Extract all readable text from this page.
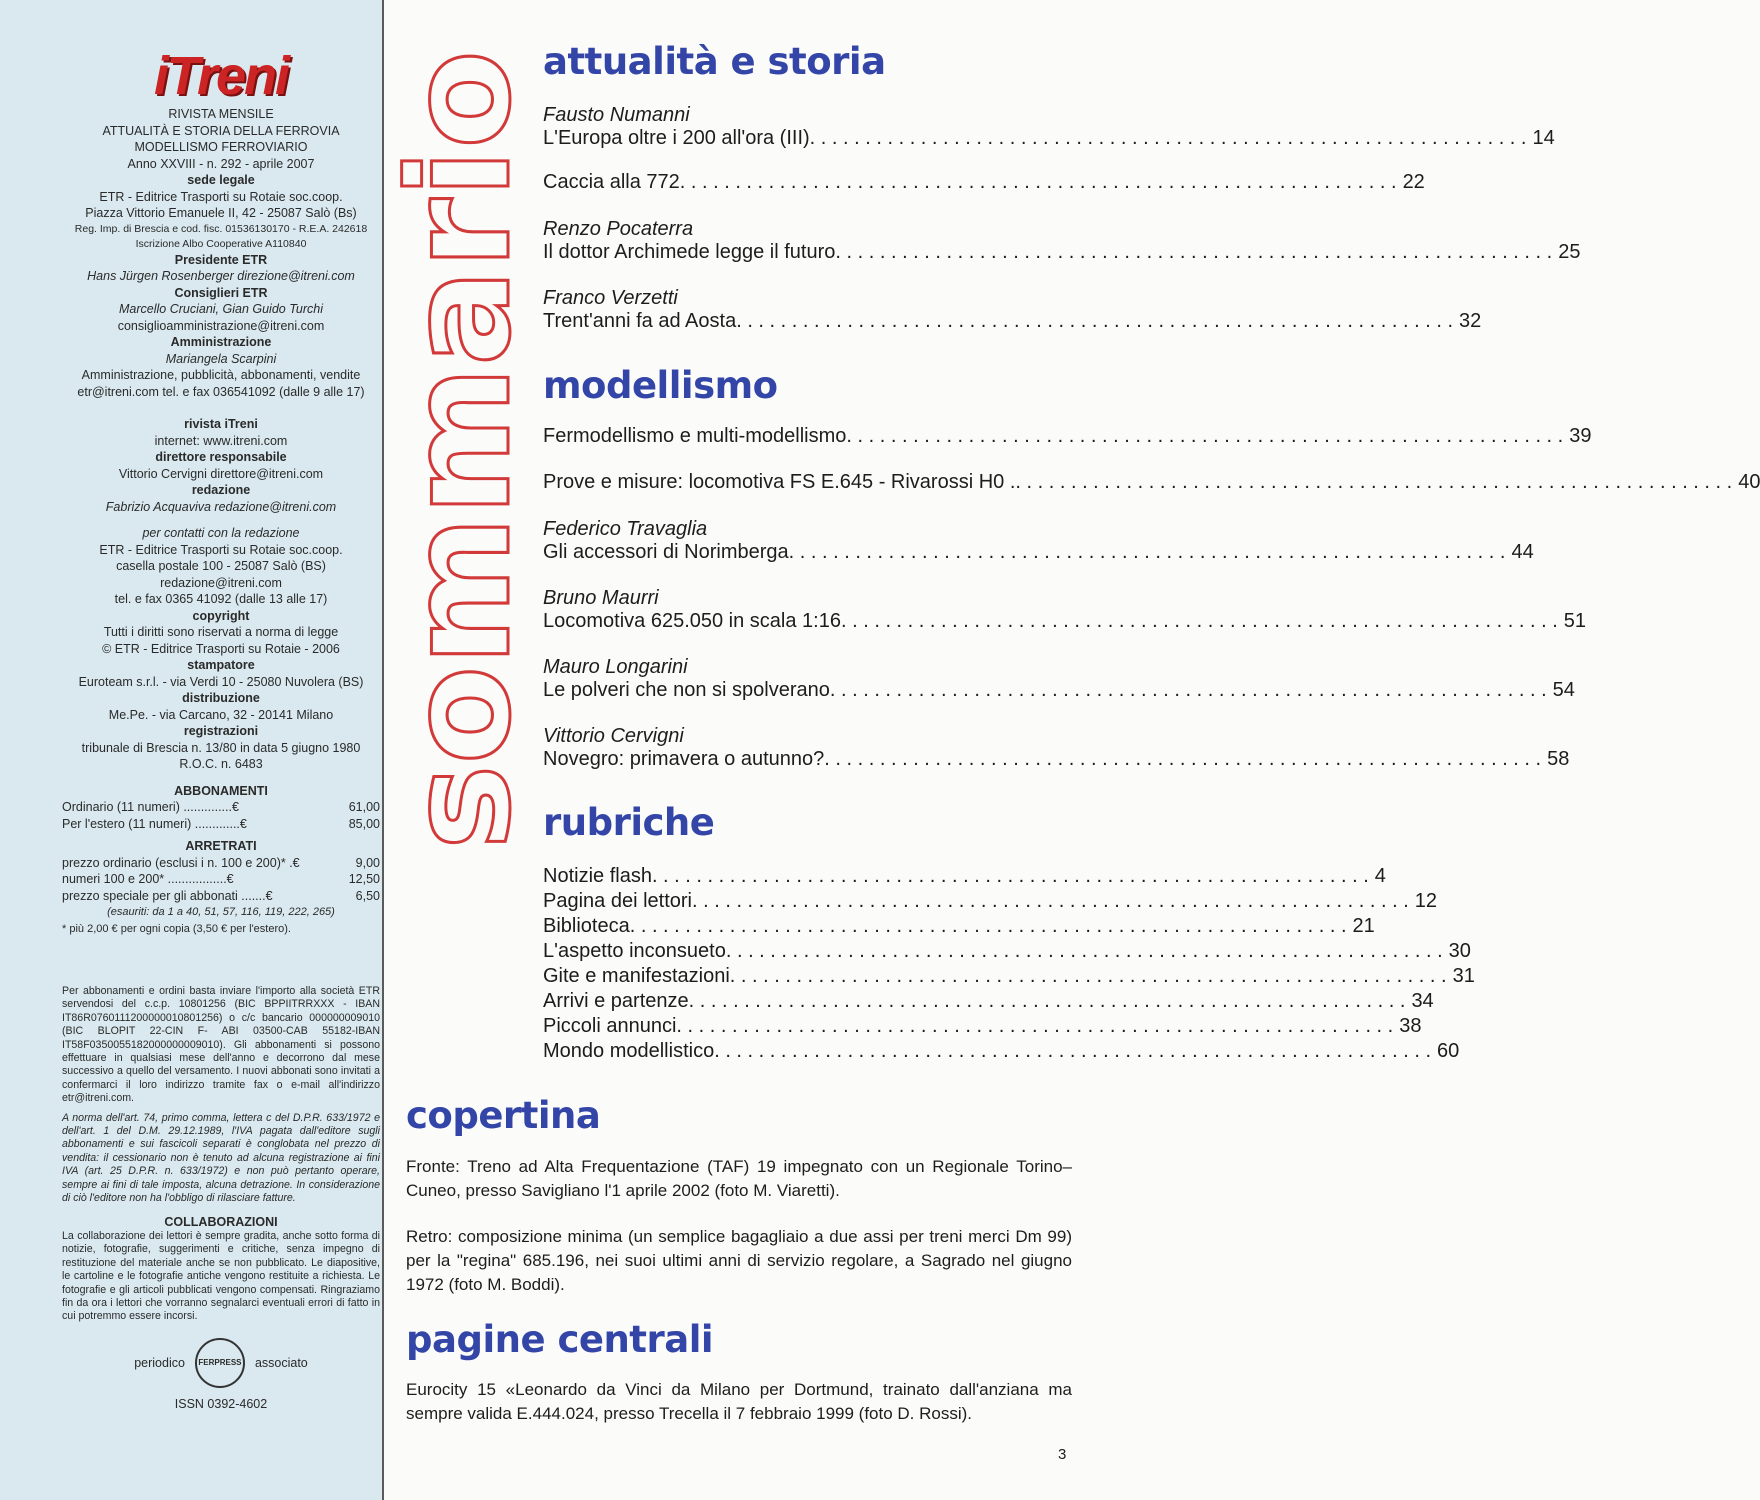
iTreni
RIVISTA MENSILE
ATTUALITÀ E STORIA DELLA FERROVIA
MODELLISMO FERROVIARIO
Anno XXVIII - n. 292 - aprile 2007
sede legale
ETR - Editrice Trasporti su Rotaie soc.coop.
Piazza Vittorio Emanuele II, 42 - 25087 Salò (Bs)
Reg. Imp. di Brescia e cod. fisc. 01536130170 - R.E.A. 242618
Iscrizione Albo Cooperative A110840
Presidente ETR
Hans Jürgen Rosenberger direzione@itreni.com
Consiglieri ETR
Marcello Cruciani, Gian Guido Turchi
consiglioamministrazione@itreni.com
Amministrazione
Mariangela Scarpini
Amministrazione, pubblicità, abbonamenti, vendite
etr@itreni.com tel. e fax 036541092 (dalle 9 alle 17)
rivista iTreni
internet: www.itreni.com
direttore responsabile
Vittorio Cervigni direttore@itreni.com
redazione
Fabrizio Acquaviva redazione@itreni.com
per contatti con la redazione
ETR - Editrice Trasporti su Rotaie soc.coop.
casella postale 100 - 25087 Salò (BS)
redazione@itreni.com
tel. e fax 0365 41092 (dalle 13 alle 17)
copyright
Tutti i diritti sono riservati a norma di legge
© ETR - Editrice Trasporti su Rotaie - 2006
stampatore
Euroteam s.r.l. - via Verdi 10 - 25080 Nuvolera (BS)
distribuzione
Me.Pe. - via Carcano, 32 - 20141 Milano
registrazioni
tribunale di Brescia n. 13/80 in data 5 giugno 1980
R.O.C. n. 6483
ABBONAMENTI
Ordinario (11 numeri) ..............€	61,00
Per l'estero (11 numeri) .............€	85,00
ARRETRATI
prezzo ordinario (esclusi i n. 100 e 200)* .€	9,00
numeri 100 e 200* .................€	12,50
prezzo speciale per gli abbonati .......€	6,50
(esauriti: da 1 a 40, 51, 57, 116, 119, 222, 265)
* più 2,00 € per ogni copia (3,50 € per l'estero).
Per abbonamenti e ordini basta inviare l'importo alla società ETR servendosi del c.c.p. 10801256 (BIC BPPIITRRXXX - IBAN IT86R0760111200000010801256) o c/c bancario 000000009010 (BIC BLOPIT 22-CIN F- ABI 03500-CAB 55182-IBAN IT58F0350055182000000009010). Gli abbonamenti si possono effettuare in qualsiasi mese dell'anno e decorrono dal mese successivo a quello del versamento. I nuovi abbonati sono invitati a confermarci il loro indirizzo tramite fax o e-mail all'indirizzo etr@itreni.com.
A norma dell'art. 74, primo comma, lettera c del D.P.R. 633/1972 e dell'art. 1 del D.M. 29.12.1989, l'IVA pagata dall'editore sugli abbonamenti e sui fascicoli separati è conglobata nel prezzo di vendita: il cessionario non è tenuto ad alcuna registrazione ai fini IVA (art. 25 D.P.R. n. 633/1972) e non può pertanto operare, sempre ai fini di tale imposta, alcuna detrazione. In considerazione di ciò l'editore non ha l'obbligo di rilasciare fatture.
COLLABORAZIONI
La collaborazione dei lettori è sempre gradita, anche sotto forma di notizie, fotografie, suggerimenti e critiche, senza impegno di restituzione del materiale anche se non pubblicato. Le diapositive, le cartoline e le fotografie antiche vengono restituite a richiesta. Le fotografie e gli articoli pubblicati vengono compensati. Ringraziamo fin da ora i lettori che vorranno segnalarci eventuali errori di fatto in cui potremmo essere incorsi.
periodico FERPRESS associato
ISSN 0392-4602
sommario
attualità e storia
Fausto Numanni
L'Europa oltre i 200 all'ora (III) . . .	14
Caccia alla 772 . . .	22
Renzo Pocaterra
Il dottor Archimede legge il futuro . . .	25
Franco Verzetti
Trent'anni fa ad Aosta . . .	32
modellismo
Fermodellismo e multi-modellismo . . .	39
Prove e misure: locomotiva FS E.645 - Rivarossi H0 . . . .	40
Federico Travaglia
Gli accessori di Norimberga . . .	44
Bruno Maurri
Locomotiva 625.050 in scala 1:16 . . .	51
Mauro Longarini
Le polveri che non si spolverano . . .	54
Vittorio Cervigni
Novegro: primavera o autunno? . . .	58
rubriche
Notizie flash . . .	4
Pagina dei lettori . . .	12
Biblioteca . . .	21
L'aspetto inconsueto . . .	30
Gite e manifestazioni . . .	31
Arrivi e partenze . . .	34
Piccoli annunci . . .	38
Mondo modellistico . . .	60
copertina
Fronte: Treno ad Alta Frequentazione (TAF) 19 impegnato con un Regionale Torino–Cuneo, presso Savigliano l'1 aprile 2002 (foto M. Viaretti).
Retro: composizione minima (un semplice bagagliaio a due assi per treni merci Dm 99) per la "regina" 685.196, nei suoi ultimi anni di servizio regolare, a Sagrado nel giugno 1972 (foto M. Boddi).
pagine centrali
Eurocity 15 «Leonardo da Vinci da Milano per Dortmund, trainato dall'anziana ma sempre valida E.444.024, presso Trecella il 7 febbraio 1999 (foto D. Rossi).
3
